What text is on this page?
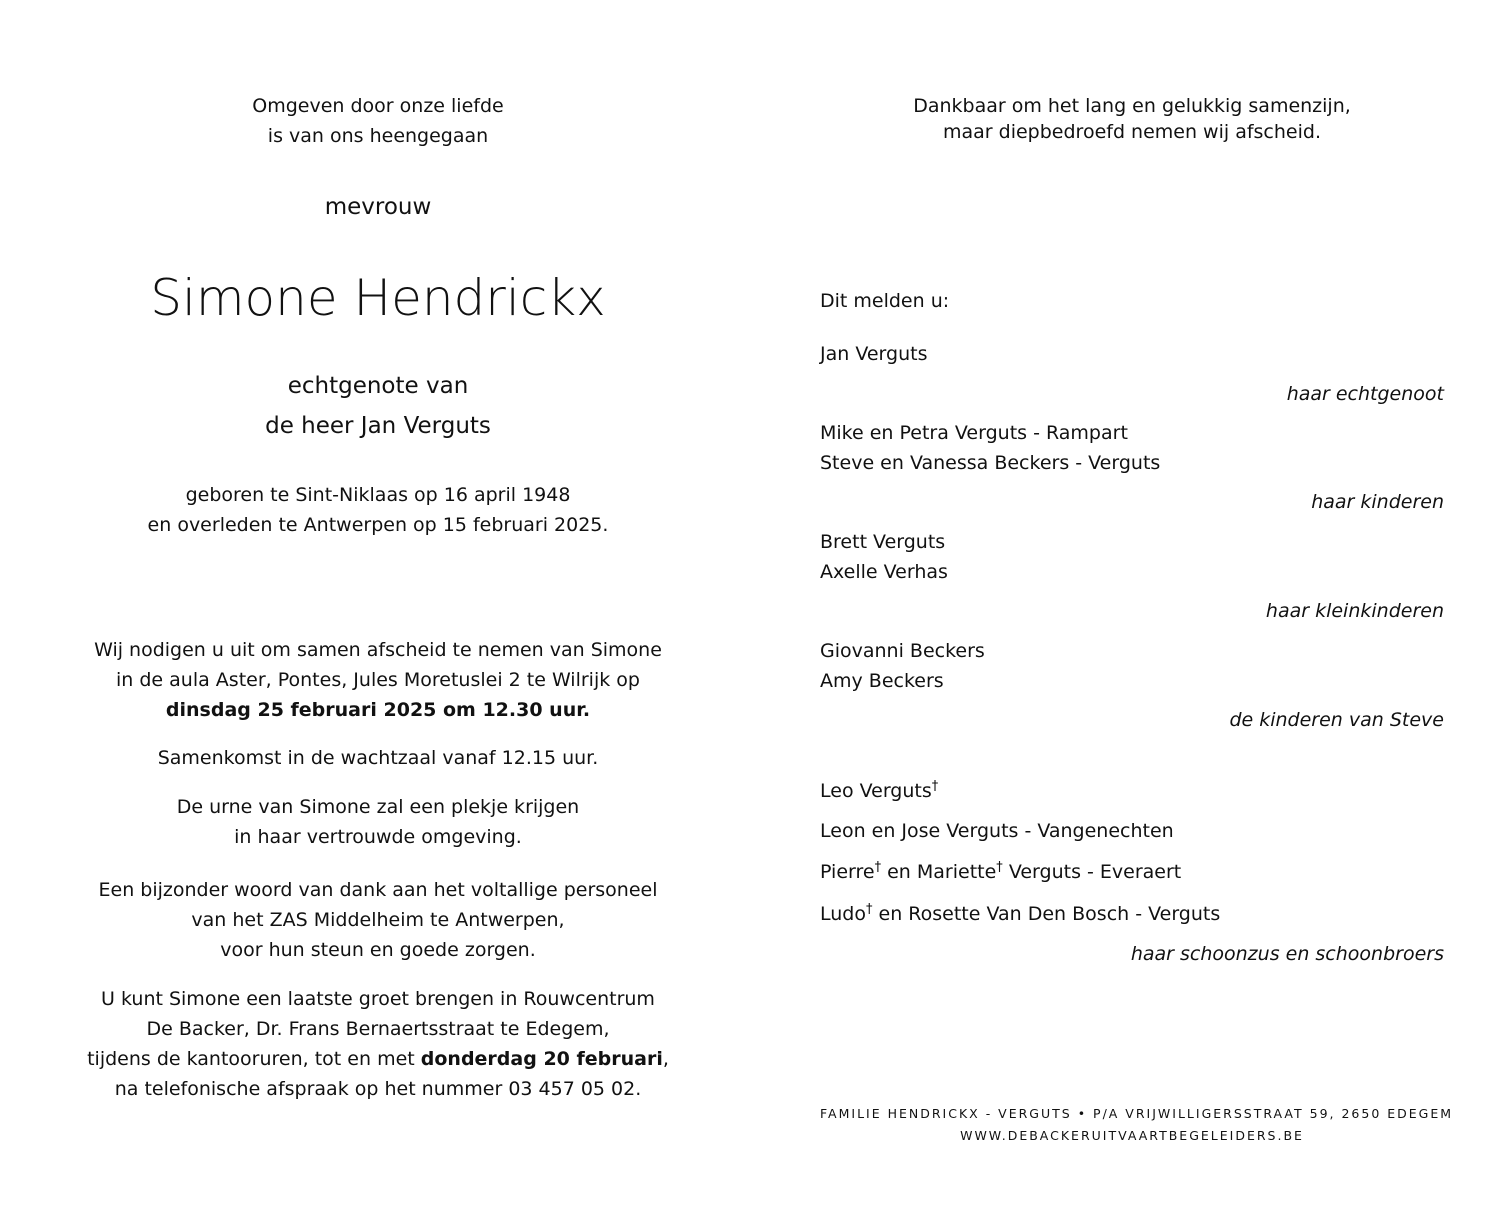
Omgeven door onze liefde
is van ons heengegaan
mevrouw
Simone Hendrickx
echtgenote van
de heer Jan Verguts
geboren te Sint-Niklaas op 16 april 1948
en overleden te Antwerpen op 15 februari 2025.
Wij nodigen u uit om samen afscheid te nemen van Simone
in de aula Aster, Pontes, Jules Moretuslei 2 te Wilrijk op
dinsdag 25 februari 2025 om 12.30 uur.
Samenkomst in de wachtzaal vanaf 12.15 uur.
De urne van Simone zal een plekje krijgen
in haar vertrouwde omgeving.
Een bijzonder woord van dank aan het voltallige personeel
van het ZAS Middelheim te Antwerpen,
voor hun steun en goede zorgen.
U kunt Simone een laatste groet brengen in Rouwcentrum
De Backer, Dr. Frans Bernaertsstraat te Edegem,
tijdens de kantooruren, tot en met donderdag 20 februari,
na telefonische afspraak op het nummer 03 457 05 02.
Dankbaar om het lang en gelukkig samenzijn,
maar diepbedroefd nemen wij afscheid.
Dit melden u:
Jan Verguts
haar echtgenoot
Mike en Petra Verguts - Rampart
Steve en Vanessa Beckers - Verguts
haar kinderen
Brett Verguts
Axelle Verhas
haar kleinkinderen
Giovanni Beckers
Amy Beckers
de kinderen van Steve
Leo Verguts†
Leon en Jose Verguts - Vangenechten
Pierre† en Mariette† Verguts - Everaert
Ludo† en Rosette Van Den Bosch - Verguts
haar schoonzus en schoonbroers
FAMILIE HENDRICKX - VERGUTS • P/A VRIJWILLIGERSSTRAAT 59, 2650 EDEGEM
WWW.DEBACKERUITVAARTBEGELEIDERS.BE
